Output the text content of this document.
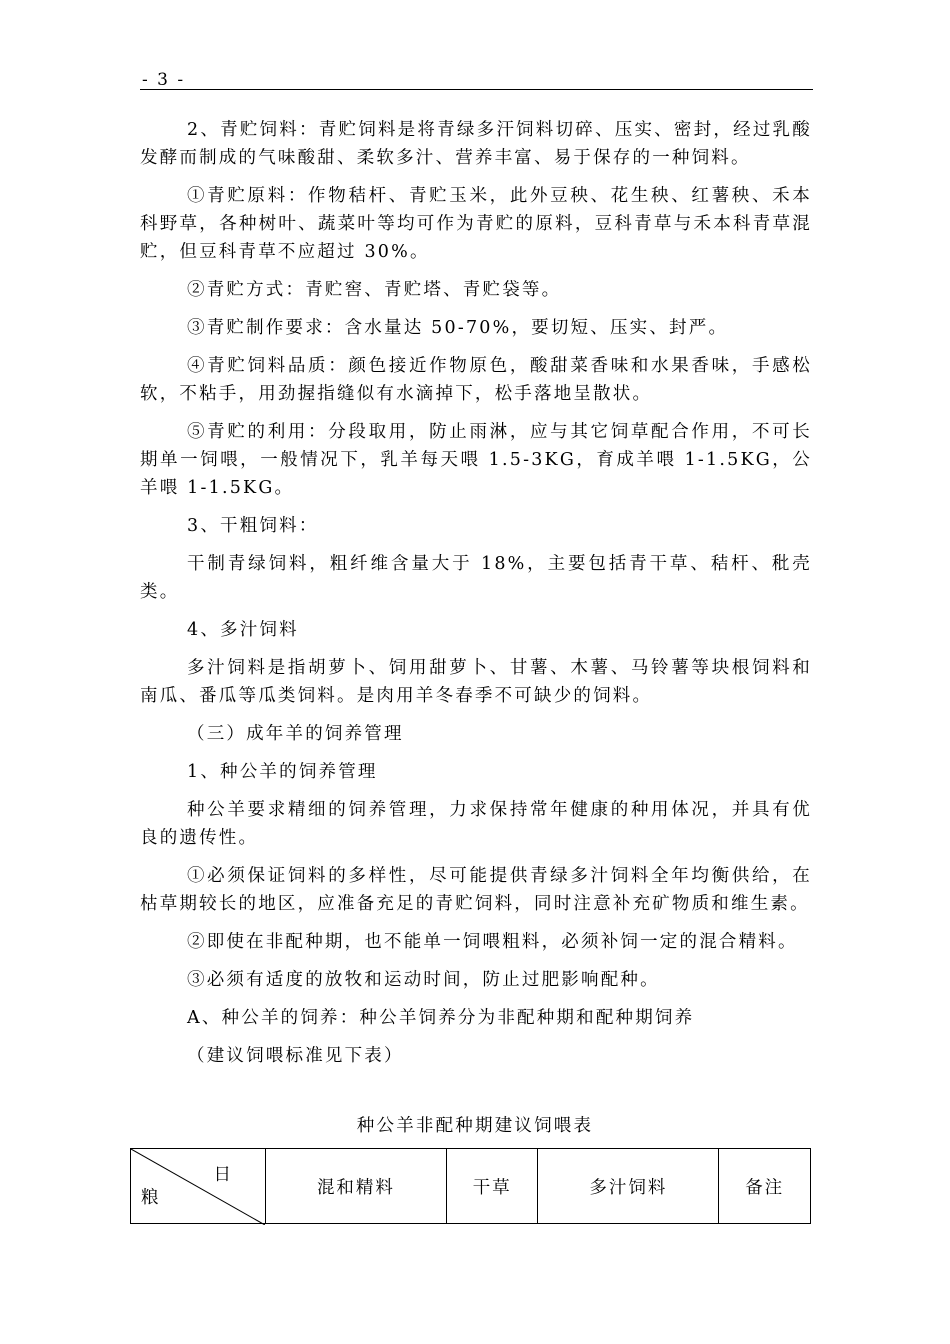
- 3 -

2、青贮饲料：青贮饲料是将青绿多汗饲料切碎、压实、密封，经过乳酸发酵而制成的气味酸甜、柔软多汁、营养丰富、易于保存的一种饲料。

①青贮原料：作物秸杆、青贮玉米，此外豆秧、花生秧、红薯秧、禾本科野草，各种树叶、蔬菜叶等均可作为青贮的原料，豆科青草与禾本科青草混贮，但豆科青草不应超过 30%。

②青贮方式：青贮窖、青贮塔、青贮袋等。

③青贮制作要求：含水量达 50-70%，要切短、压实、封严。

④青贮饲料品质：颜色接近作物原色，酸甜菜香味和水果香味，手感松软，不粘手，用劲握指缝似有水滴掉下，松手落地呈散状。

⑤青贮的利用：分段取用，防止雨淋，应与其它饲草配合作用，不可长期单一饲喂，一般情况下，乳羊每天喂 1.5-3KG，育成羊喂 1-1.5KG，公羊喂 1-1.5KG。

3、干粗饲料：

干制青绿饲料，粗纤维含量大于 18%，主要包括青干草、秸杆、秕壳类。

4、多汁饲料

多汁饲料是指胡萝卜、饲用甜萝卜、甘薯、木薯、马铃薯等块根饲料和南瓜、番瓜等瓜类饲料。是肉用羊冬春季不可缺少的饲料。

（三）成年羊的饲养管理

1、种公羊的饲养管理

种公羊要求精细的饲养管理，力求保持常年健康的种用体况，并具有优良的遗传性。

①必须保证饲料的多样性，尽可能提供青绿多汁饲料全年均衡供给，在枯草期较长的地区，应准备充足的青贮饲料，同时注意补充矿物质和维生素。

②即使在非配种期，也不能单一饲喂粗料，必须补饲一定的混合精料。

③必须有适度的放牧和运动时间，防止过肥影响配种。

A、种公羊的饲养：种公羊饲养分为非配种期和配种期饲养

（建议饲喂标准见下表）

种公羊非配种期建议饲喂表
日
粮
	混和精料	干草	多汁饲料	备注
